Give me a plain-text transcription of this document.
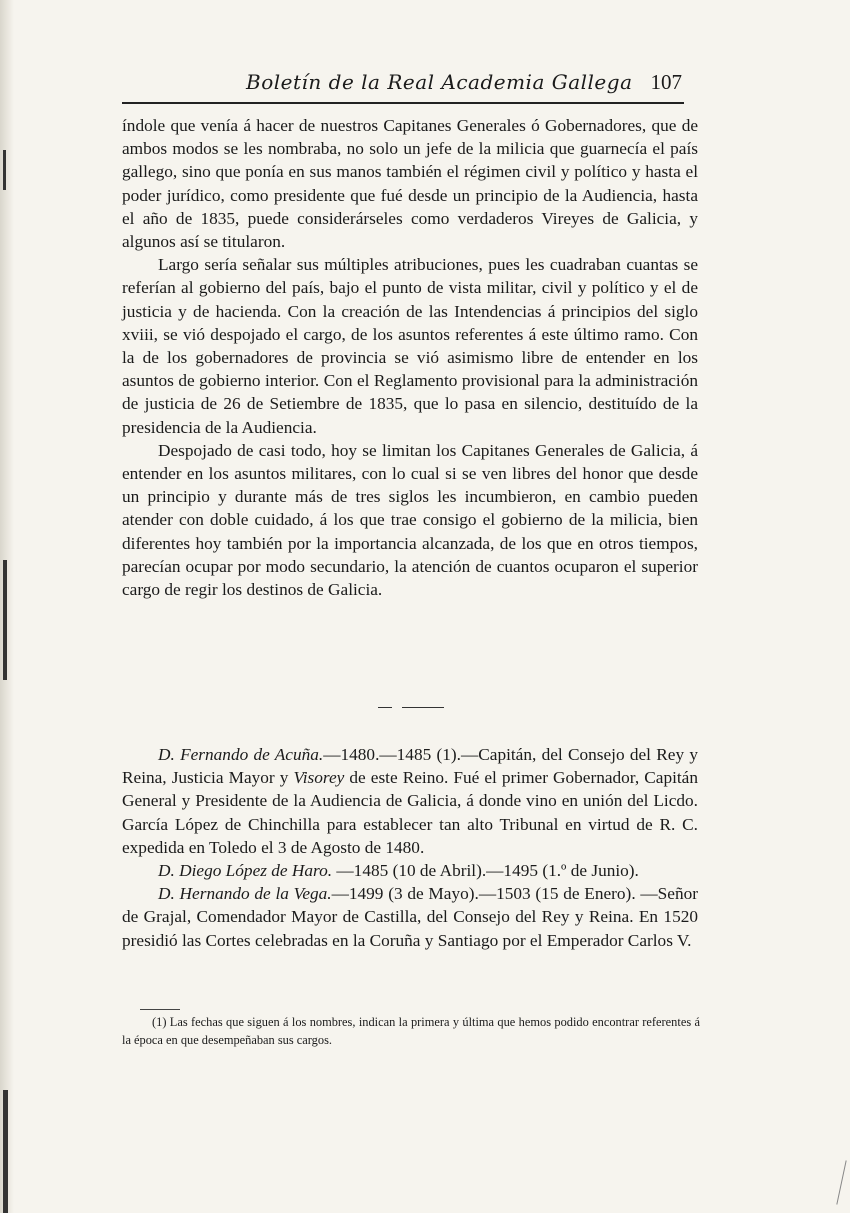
Boletín de la Real Academia Gallega 107

índole que venía á hacer de nuestros Capitanes Generales ó Gobernadores, que de ambos modos se les nombraba, no solo un jefe de la milicia que guarnecía el país gallego, sino que ponía en sus manos también el régimen civil y político y hasta el poder jurídico, como presidente que fué desde un principio de la Audiencia, hasta el año de 1835, puede considerárseles como verdaderos Vireyes de Galicia, y algunos así se titularon.

Largo sería señalar sus múltiples atribuciones, pues les cuadraban cuantas se referían al gobierno del país, bajo el punto de vista militar, civil y político y el de justicia y de hacienda. Con la creación de las Intendencias á principios del siglo xviii, se vió despojado el cargo, de los asuntos referentes á este último ramo. Con la de los gobernadores de provincia se vió asimismo libre de entender en los asuntos de gobierno interior. Con el Reglamento provisional para la administración de justicia de 26 de Setiembre de 1835, que lo pasa en silencio, destituído de la presidencia de la Audiencia.

Despojado de casi todo, hoy se limitan los Capitanes Generales de Galicia, á entender en los asuntos militares, con lo cual si se ven libres del honor que desde un principio y durante más de tres siglos les incumbieron, en cambio pueden atender con doble cuidado, á los que trae consigo el gobierno de la milicia, bien diferentes hoy también por la importancia alcanzada, de los que en otros tiempos, parecían ocupar por modo secundario, la atención de cuantos ocuparon el superior cargo de regir los destinos de Galicia.

D. Fernando de Acuña.—1480.—1485 (1).—Capitán, del Consejo del Rey y Reina, Justicia Mayor y Visorey de este Reino. Fué el primer Gobernador, Capitán General y Presidente de la Audiencia de Galicia, á donde vino en unión del Licdo. García López de Chinchilla para establecer tan alto Tribunal en virtud de R. C. expedida en Toledo el 3 de Agosto de 1480.

D. Diego López de Haro. —1485 (10 de Abril).—1495 (1.º de Junio).

D. Hernando de la Vega.—1499 (3 de Mayo).—1503 (15 de Enero). —Señor de Grajal, Comendador Mayor de Castilla, del Consejo del Rey y Reina. En 1520 presidió las Cortes celebradas en la Coruña y Santiago por el Emperador Carlos V.

(1) Las fechas que siguen á los nombres, indican la primera y última que hemos podido encontrar referentes á la época en que desempeñaban sus cargos.
